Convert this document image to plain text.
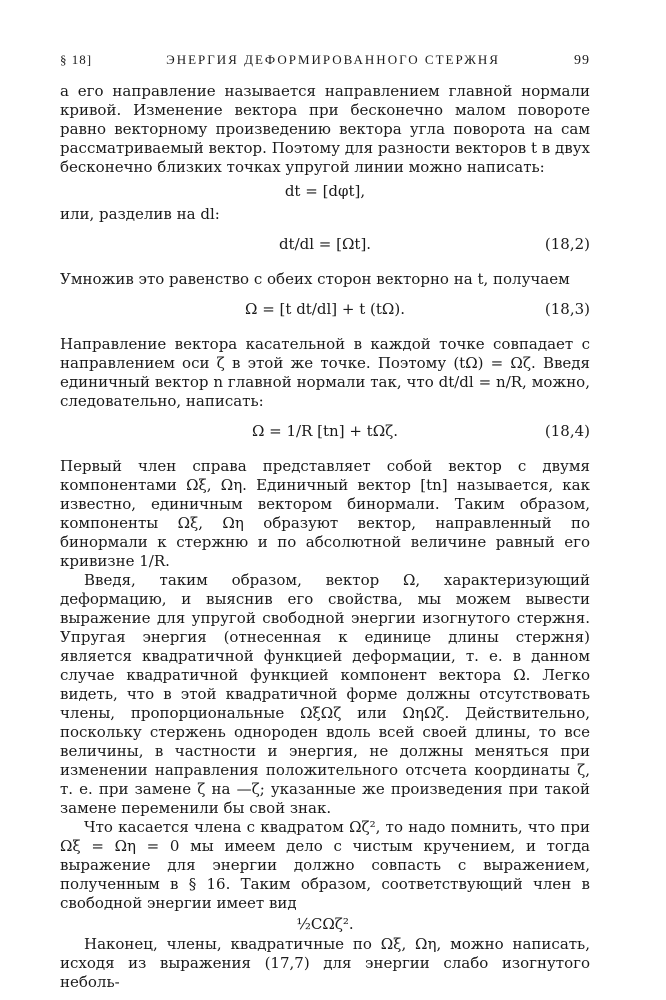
§ 18]	ЭНЕРГИЯ ДЕФОРМИРОВАННОГО СТЕРЖНЯ	99

а его направление называется направлением главной нормали кривой. Изменение вектора при бесконечно малом повороте равно векторному произведению вектора угла поворота на сам рассматриваемый вектор. Поэтому для разности векторов t в двух бесконечно близких точках упругой линии можно написать:

dt = [dφt],

или, разделив на dl:

dt/dl = [Ωt].	(18,2)

Умножив это равенство с обеих сторон векторно на t, получаем

Ω = [t dt/dl] + t (tΩ).	(18,3)

Направление вектора касательной в каждой точке совпадает с направлением оси ζ в этой же точке. Поэтому (tΩ) = Ωζ. Введя единичный вектор n главной нормали так, что dt/dl = n/R, можно, следовательно, написать:

Ω = 1/R [tn] + tΩζ.	(18,4)

Первый член справа представляет собой вектор с двумя компонентами Ωξ, Ωη. Единичный вектор [tn] называется, как известно, единичным вектором бинормали. Таким образом, компоненты Ωξ, Ωη образуют вектор, направленный по бинормали к стержню и по абсолютной величине равный его кривизне 1/R.

Введя, таким образом, вектор Ω, характеризующий деформацию, и выяснив его свойства, мы можем вывести выражение для упругой свободной энергии изогнутого стержня. Упругая энергия (отнесенная к единице длины стержня) является квадратичной функцией деформации, т. е. в данном случае квадратичной функцией компонент вектора Ω. Легко видеть, что в этой квадратичной форме должны отсутствовать члены, пропорциональные ΩξΩζ или ΩηΩζ. Действительно, поскольку стержень однороден вдоль всей своей длины, то все величины, в частности и энергия, не должны меняться при изменении направления положительного отсчета координаты ζ, т. е. при замене ζ на —ζ; указанные же произведения при такой замене переменили бы свой знак.

Что касается члена с квадратом Ωζ², то надо помнить, что при Ωξ = Ωη = 0 мы имеем дело с чистым кручением, и тогда выражение для энергии должно совпасть с выражением, полученным в § 16. Таким образом, соответствующий член в свободной энергии имеет вид

½CΩζ².

Наконец, члены, квадратичные по Ωξ, Ωη, можно написать, исходя из выражения (17,7) для энергии слабо изогнутого неболь-
